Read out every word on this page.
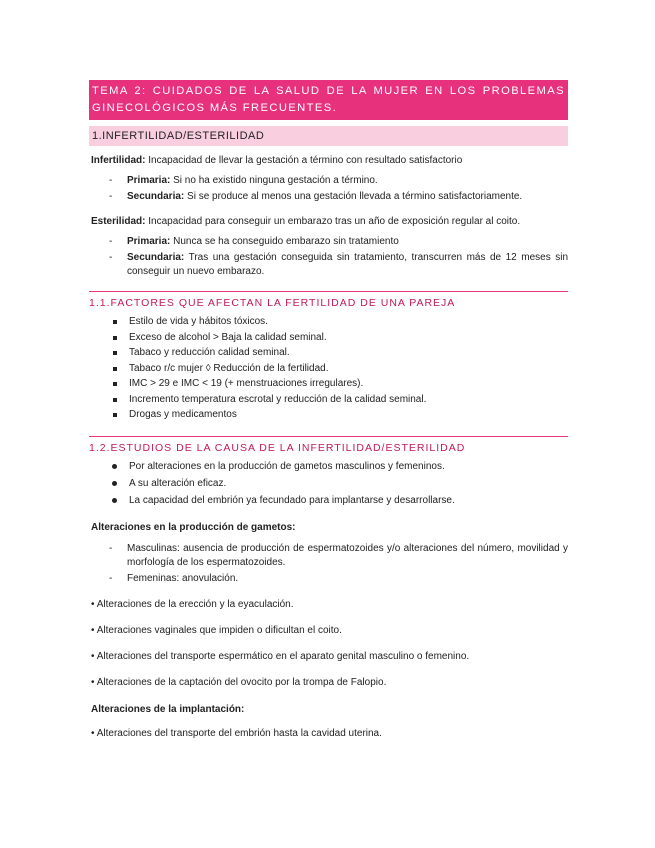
TEMA 2: CUIDADOS DE LA SALUD DE LA MUJER EN LOS PROBLEMAS GINECOLÓGICOS MÁS FRECUENTES.
1.INFERTILIDAD/ESTERILIDAD
Infertilidad: Incapacidad de llevar la gestación a término con resultado satisfactorio
- Primaria: Si no ha existido ninguna gestación a término.
- Secundaria: Si se produce al menos una gestación llevada a término satisfactoriamente.
Esterilidad: Incapacidad para conseguir un embarazo tras un año de exposición regular al coito.
- Primaria: Nunca se ha conseguido embarazo sin tratamiento
- Secundaria: Tras una gestación conseguida sin tratamiento, transcurren más de 12 meses sin conseguir un nuevo embarazo.
1.1.FACTORES QUE AFECTAN LA FERTILIDAD DE UNA PAREJA
Estilo de vida y hábitos tóxicos.
Exceso de alcohol > Baja la calidad seminal.
Tabaco y reducción calidad seminal.
Tabaco r/c mujer ◊ Reducción de la fertilidad.
IMC > 29 e IMC < 19 (+ menstruaciones irregulares).
Incremento temperatura escrotal y reducción de la calidad seminal.
Drogas y medicamentos
1.2.ESTUDIOS DE LA CAUSA DE LA INFERTILIDAD/ESTERILIDAD
Por alteraciones en la producción de gametos masculinos y femeninos.
A su alteración eficaz.
La capacidad del embrión ya fecundado para implantarse y desarrollarse.
Alteraciones en la producción de gametos:
- Masculinas: ausencia de producción de espermatozoides y/o alteraciones del número, movilidad y morfología de los espermatozoides.
- Femeninas: anovulación.
• Alteraciones de la erección y la eyaculación.
• Alteraciones vaginales que impiden o dificultan el coito.
• Alteraciones del transporte espermático en el aparato genital masculino o femenino.
• Alteraciones de la captación del ovocito por la trompa de Falopio.
Alteraciones de la implantación:
• Alteraciones del transporte del embrión hasta la cavidad uterina.
